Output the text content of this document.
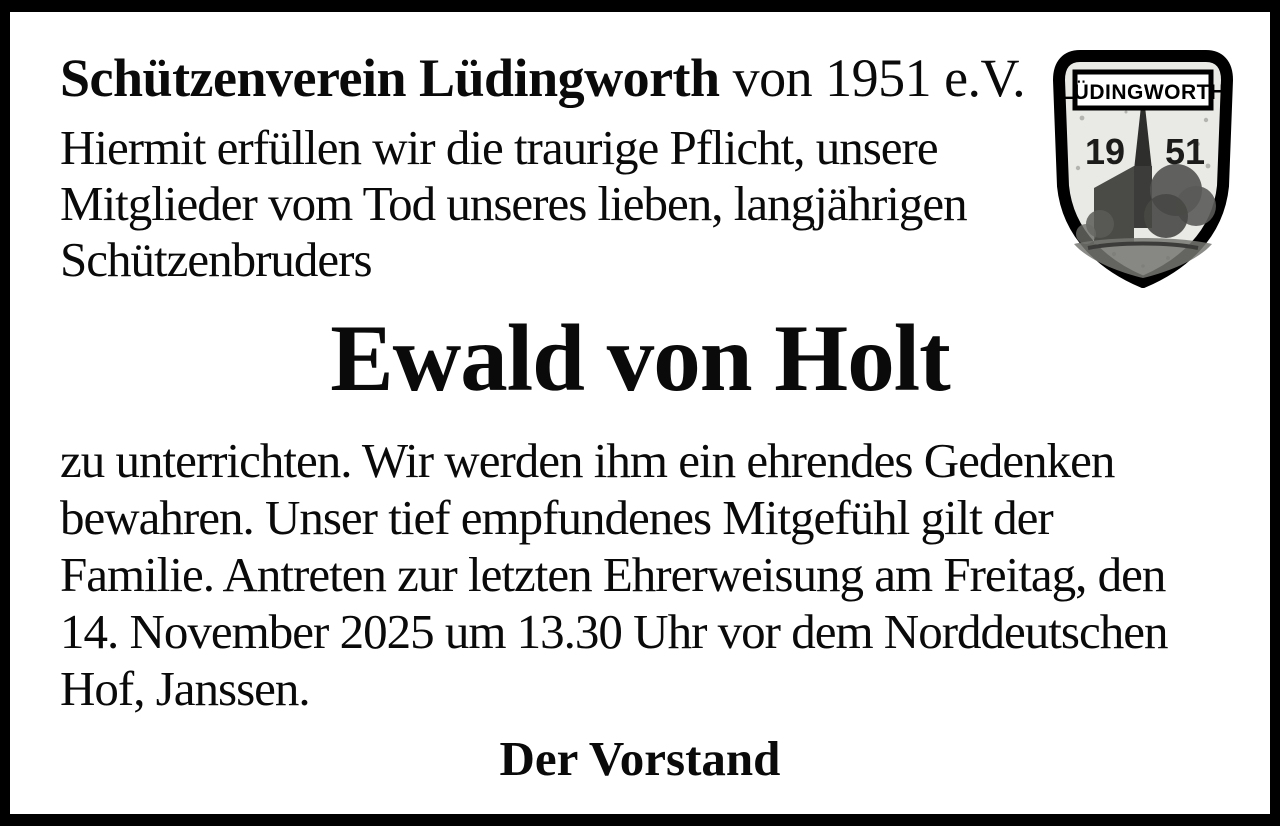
Schützenverein Lüdingworth von 1951 e.V.
Hiermit erfüllen wir die traurige Pflicht, unsere
Mitglieder vom Tod unseres lieben, langjährigen
Schützenbruders
Ewald von Holt
zu unterrichten. Wir werden ihm ein ehrendes Gedenken
bewahren. Unser tief empfundenes Mitgefühl gilt der
Familie. Antreten zur letzten Ehrerweisung am Freitag, den
14. November 2025 um 13.30 Uhr vor dem Norddeutschen
Hof, Janssen.
Der Vorstand
LÜDINGWORTH
19 51
